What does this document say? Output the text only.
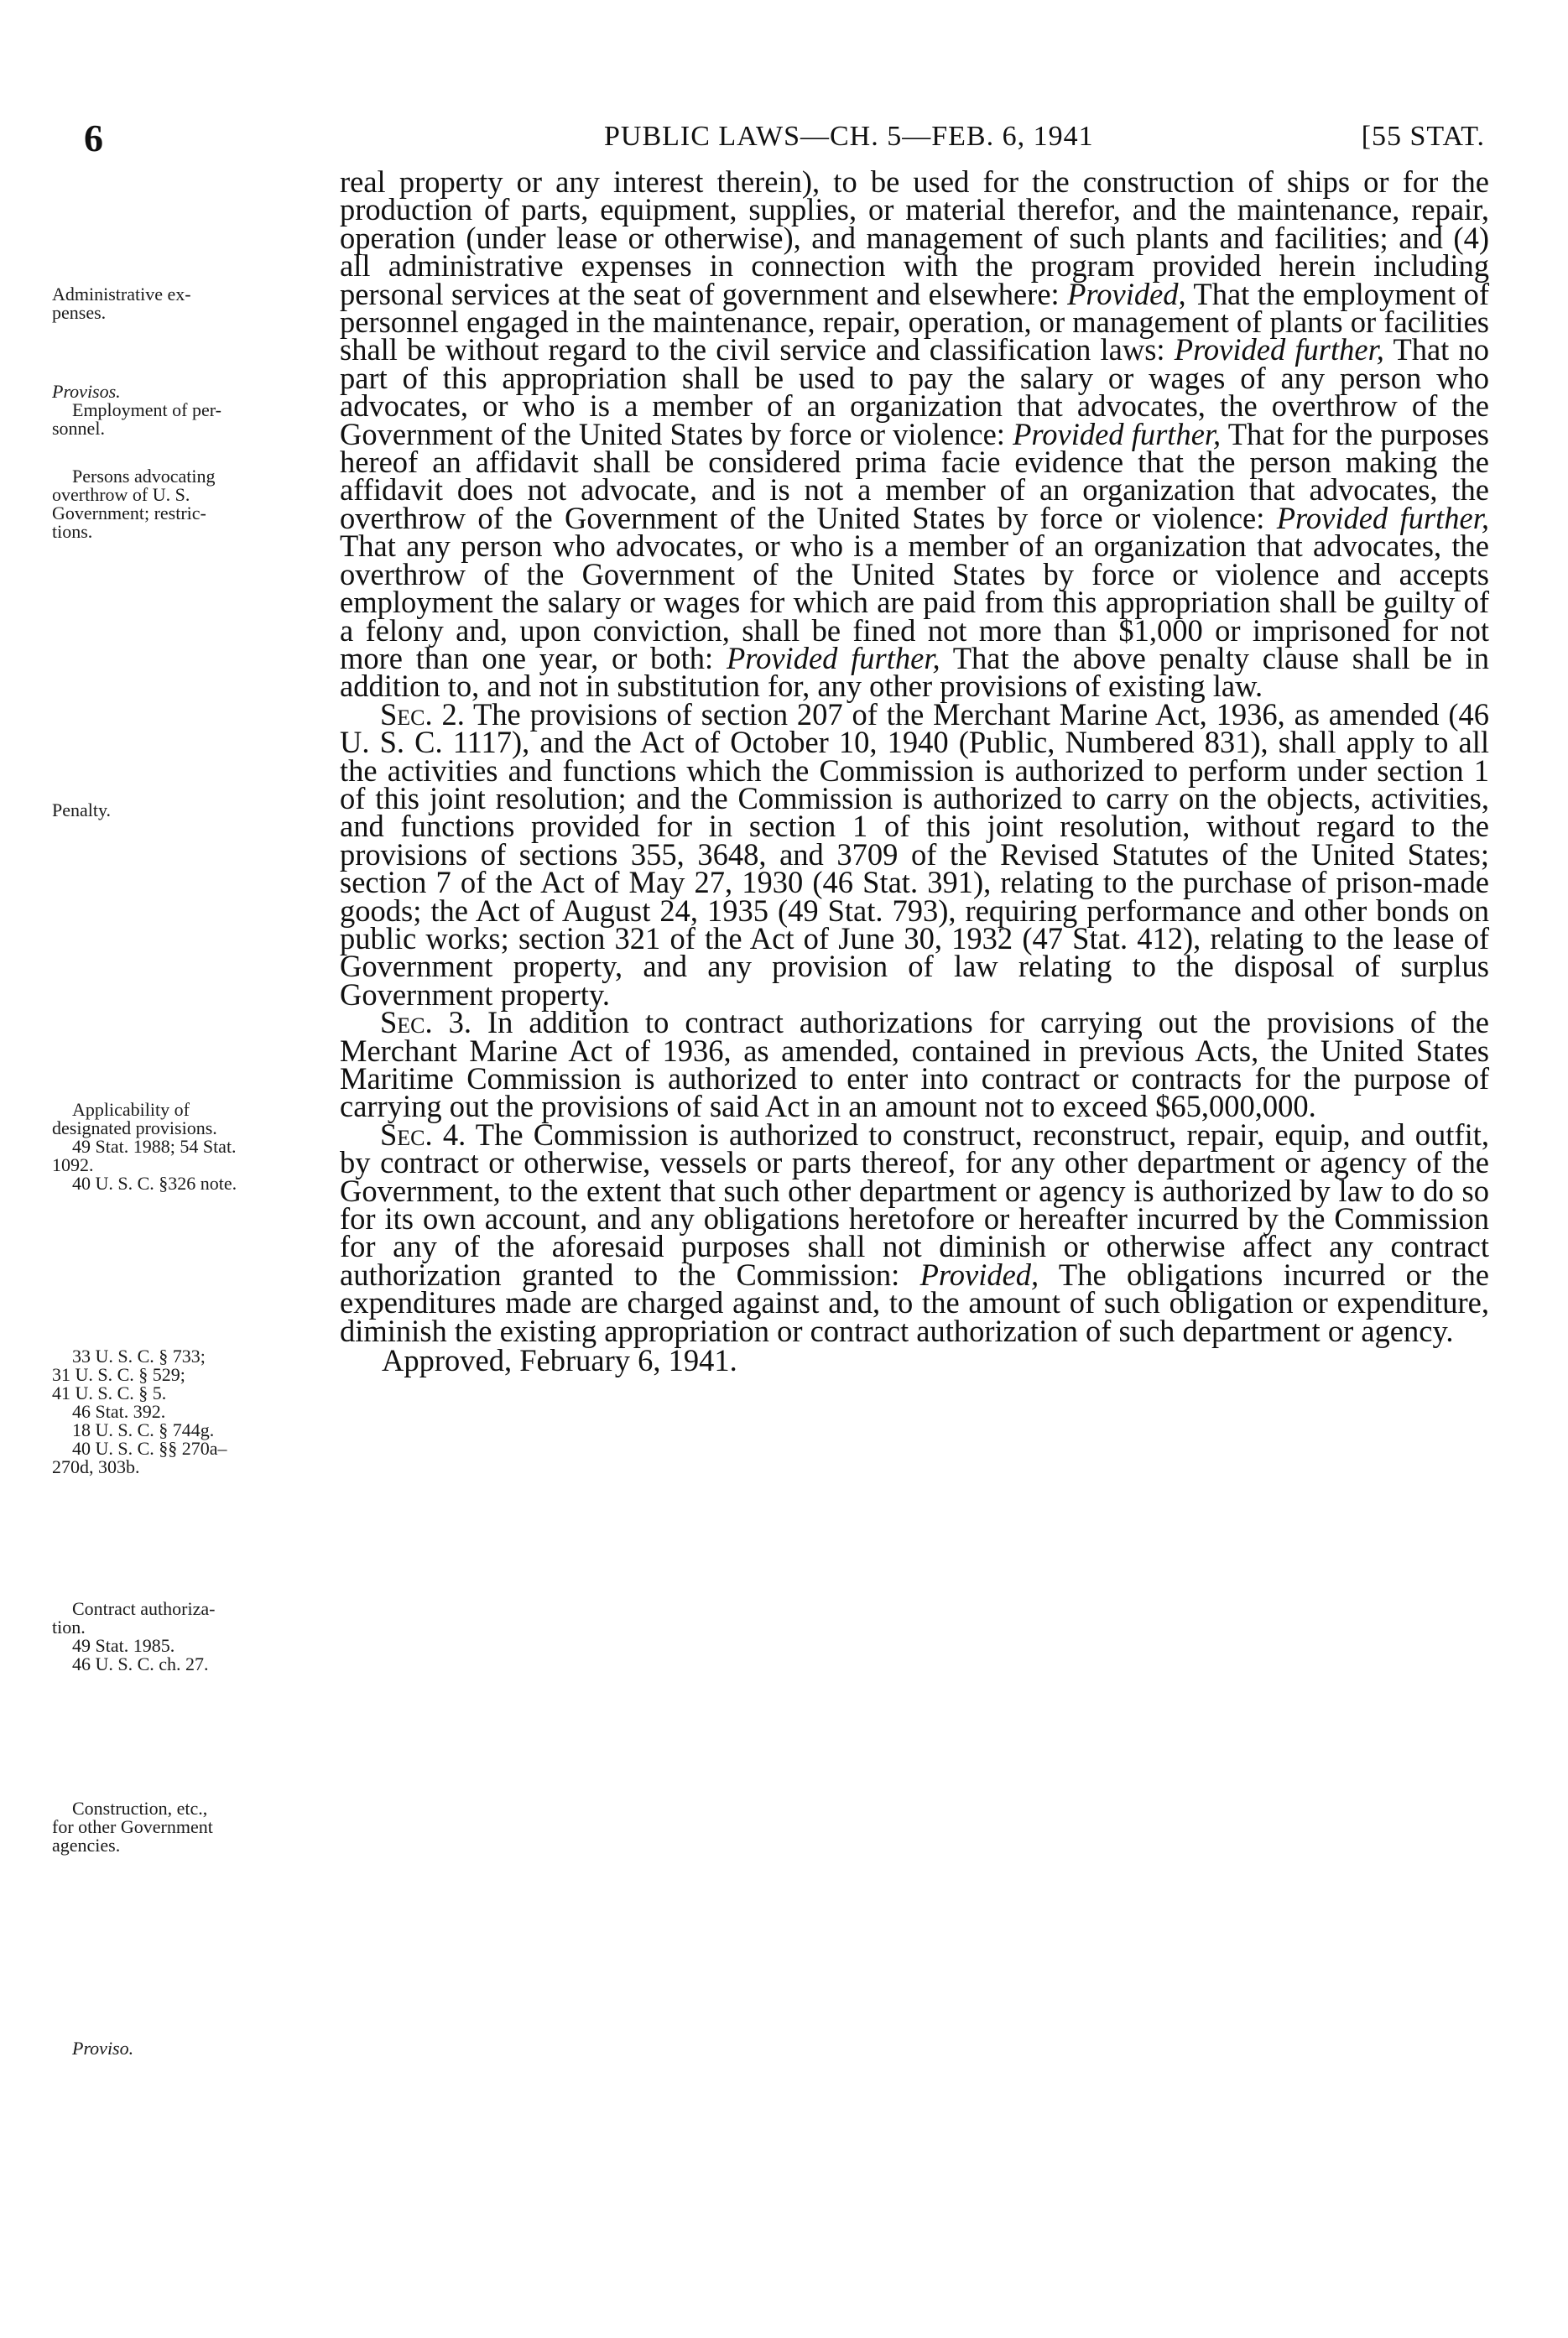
6	PUBLIC LAWS—CH. 5—FEB. 6, 1941	[55 STAT.
Administrative ex-
penses.
Provisos.
Employment of per-
sonnel.
Persons advocating
overthrow of U. S.
Government; restric-
tions.
Penalty.
Applicability of
designated provisions.
49 Stat. 1988; 54 Stat.
1092.
40 U. S. C. §326 note.
33 U. S. C. § 733;
31 U. S. C. § 529;
41 U. S. C. § 5.
46 Stat. 392.
18 U. S. C. § 744g.
40 U. S. C. §§ 270a–
270d, 303b.
Contract authoriza-
tion.
49 Stat. 1985.
46 U. S. C. ch. 27.
Construction, etc.,
for other Government
agencies.
Proviso.

real property or any interest therein), to be used for the construction of ships or for the production of parts, equipment, supplies, or material therefor, and the maintenance, repair, operation (under lease or otherwise), and management of such plants and facilities; and (4) all administrative expenses in connection with the program provided herein including personal services at the seat of government and elsewhere: Provided, That the employment of personnel engaged in the maintenance, repair, operation, or management of plants or facilities shall be without regard to the civil service and classification laws: Provided further, That no part of this appropriation shall be used to pay the salary or wages of any person who advocates, or who is a member of an organization that advocates, the overthrow of the Government of the United States by force or violence: Provided further, That for the purposes hereof an affidavit shall be considered prima facie evidence that the person making the affidavit does not advocate, and is not a member of an organization that advocates, the overthrow of the Government of the United States by force or violence: Provided further, That any person who advocates, or who is a member of an organization that advocates, the overthrow of the Government of the United States by force or violence and accepts employment the salary or wages for which are paid from this appropriation shall be guilty of a felony and, upon conviction, shall be fined not more than $1,000 or imprisoned for not more than one year, or both: Provided further, That the above penalty clause shall be in addition to, and not in substitution for, any other provisions of existing law.

Sec. 2. The provisions of section 207 of the Merchant Marine Act, 1936, as amended (46 U. S. C. 1117), and the Act of October 10, 1940 (Public, Numbered 831), shall apply to all the activities and functions which the Commission is authorized to perform under section 1 of this joint resolution; and the Commission is authorized to carry on the objects, activities, and functions provided for in section 1 of this joint resolution, without regard to the provisions of sections 355, 3648, and 3709 of the Revised Statutes of the United States; section 7 of the Act of May 27, 1930 (46 Stat. 391), relating to the purchase of prison-made goods; the Act of August 24, 1935 (49 Stat. 793), requiring performance and other bonds on public works; section 321 of the Act of June 30, 1932 (47 Stat. 412), relating to the lease of Government property, and any provision of law relating to the disposal of surplus Government property.

Sec. 3. In addition to contract authorizations for carrying out the provisions of the Merchant Marine Act of 1936, as amended, contained in previous Acts, the United States Maritime Commission is authorized to enter into contract or contracts for the purpose of carrying out the provisions of said Act in an amount not to exceed $65,000,000.

Sec. 4. The Commission is authorized to construct, reconstruct, repair, equip, and outfit, by contract or otherwise, vessels or parts thereof, for any other department or agency of the Government, to the extent that such other department or agency is authorized by law to do so for its own account, and any obligations heretofore or hereafter incurred by the Commission for any of the aforesaid purposes shall not diminish or otherwise affect any contract authorization granted to the Commission: Provided, The obligations incurred or the expenditures made are charged against and, to the amount of such obligation or expenditure, diminish the existing appropriation or contract authorization of such department or agency.

Approved, February 6, 1941.
